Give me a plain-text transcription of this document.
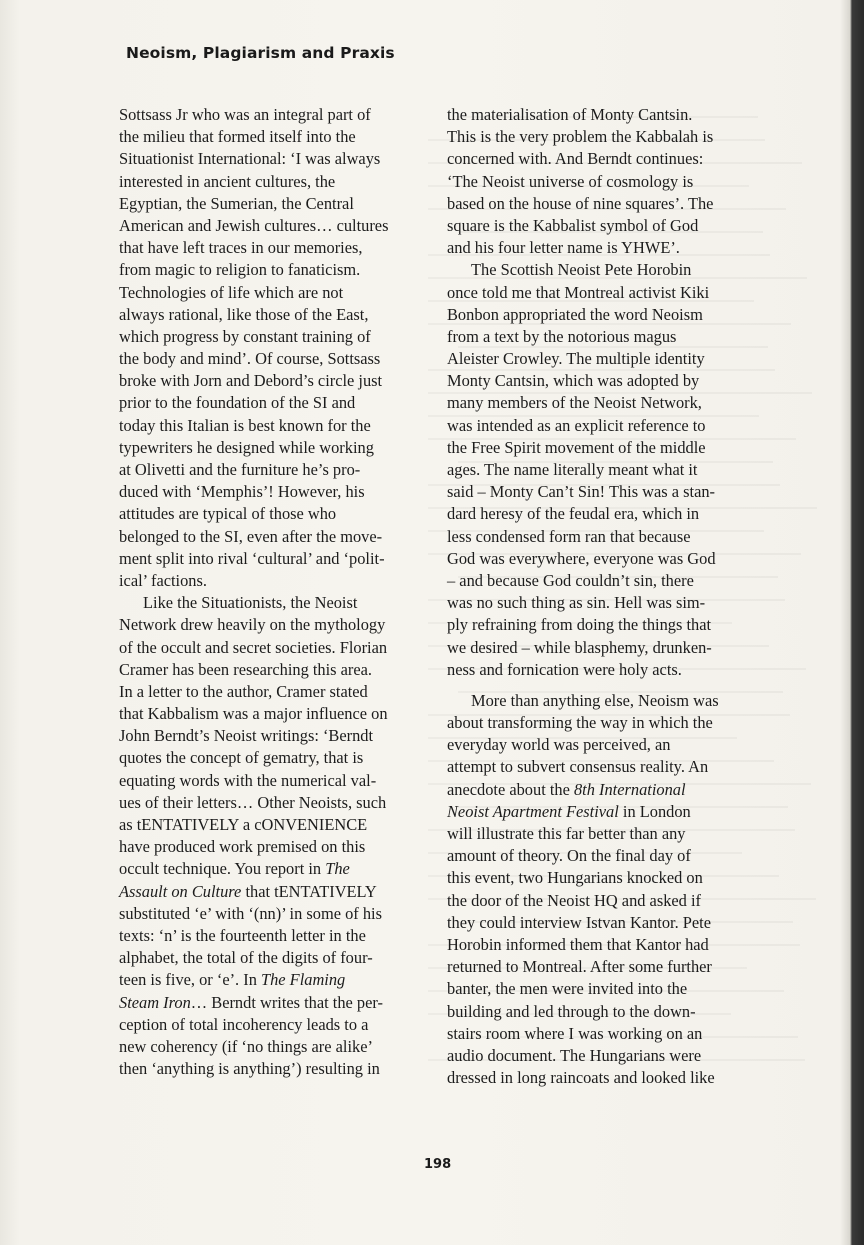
Neoism, Plagiarism and Praxis
Sottsass Jr who was an integral part of
the milieu that formed itself into the
Situationist International: ‘I was always
interested in ancient cultures, the
Egyptian, the Sumerian, the Central
American and Jewish cultures… cultures
that have left traces in our memories,
from magic to religion to fanaticism.
Technologies of life which are not
always rational, like those of the East,
which progress by constant training of
the body and mind’. Of course, Sottsass
broke with Jorn and Debord’s circle just
prior to the foundation of the SI and
today this Italian is best known for the
typewriters he designed while working
at Olivetti and the furniture he’s pro-
duced with ‘Memphis’! However, his
attitudes are typical of those who
belonged to the SI, even after the move-
ment split into rival ‘cultural’ and ‘polit-
ical’ factions.
Like the Situationists, the Neoist
Network drew heavily on the mythology
of the occult and secret societies. Florian
Cramer has been researching this area.
In a letter to the author, Cramer stated
that Kabbalism was a major influence on
John Berndt’s Neoist writings: ‘Berndt
quotes the concept of gematry, that is
equating words with the numerical val-
ues of their letters… Other Neoists, such
as tENTATIVELY a cONVENIENCE
have produced work premised on this
occult technique. You report in The
Assault on Culture that tENTATIVELY
substituted ‘e’ with ‘(nn)’ in some of his
texts: ‘n’ is the fourteenth letter in the
alphabet, the total of the digits of four-
teen is five, or ‘e’. In The Flaming
Steam Iron… Berndt writes that the per-
ception of total incoherency leads to a
new coherency (if ‘no things are alike’
then ‘anything is anything’) resulting in
the materialisation of Monty Cantsin.
This is the very problem the Kabbalah is
concerned with. And Berndt continues:
‘The Neoist universe of cosmology is
based on the house of nine squares’. The
square is the Kabbalist symbol of God
and his four letter name is YHWE’.
The Scottish Neoist Pete Horobin
once told me that Montreal activist Kiki
Bonbon appropriated the word Neoism
from a text by the notorious magus
Aleister Crowley. The multiple identity
Monty Cantsin, which was adopted by
many members of the Neoist Network,
was intended as an explicit reference to
the Free Spirit movement of the middle
ages. The name literally meant what it
said – Monty Can’t Sin! This was a stan-
dard heresy of the feudal era, which in
less condensed form ran that because
God was everywhere, everyone was God
– and because God couldn’t sin, there
was no such thing as sin. Hell was sim-
ply refraining from doing the things that
we desired – while blasphemy, drunken-
ness and fornication were holy acts.
More than anything else, Neoism was
about transforming the way in which the
everyday world was perceived, an
attempt to subvert consensus reality. An
anecdote about the 8th International
Neoist Apartment Festival in London
will illustrate this far better than any
amount of theory. On the final day of
this event, two Hungarians knocked on
the door of the Neoist HQ and asked if
they could interview Istvan Kantor. Pete
Horobin informed them that Kantor had
returned to Montreal. After some further
banter, the men were invited into the
building and led through to the down-
stairs room where I was working on an
audio document. The Hungarians were
dressed in long raincoats and looked like
198
